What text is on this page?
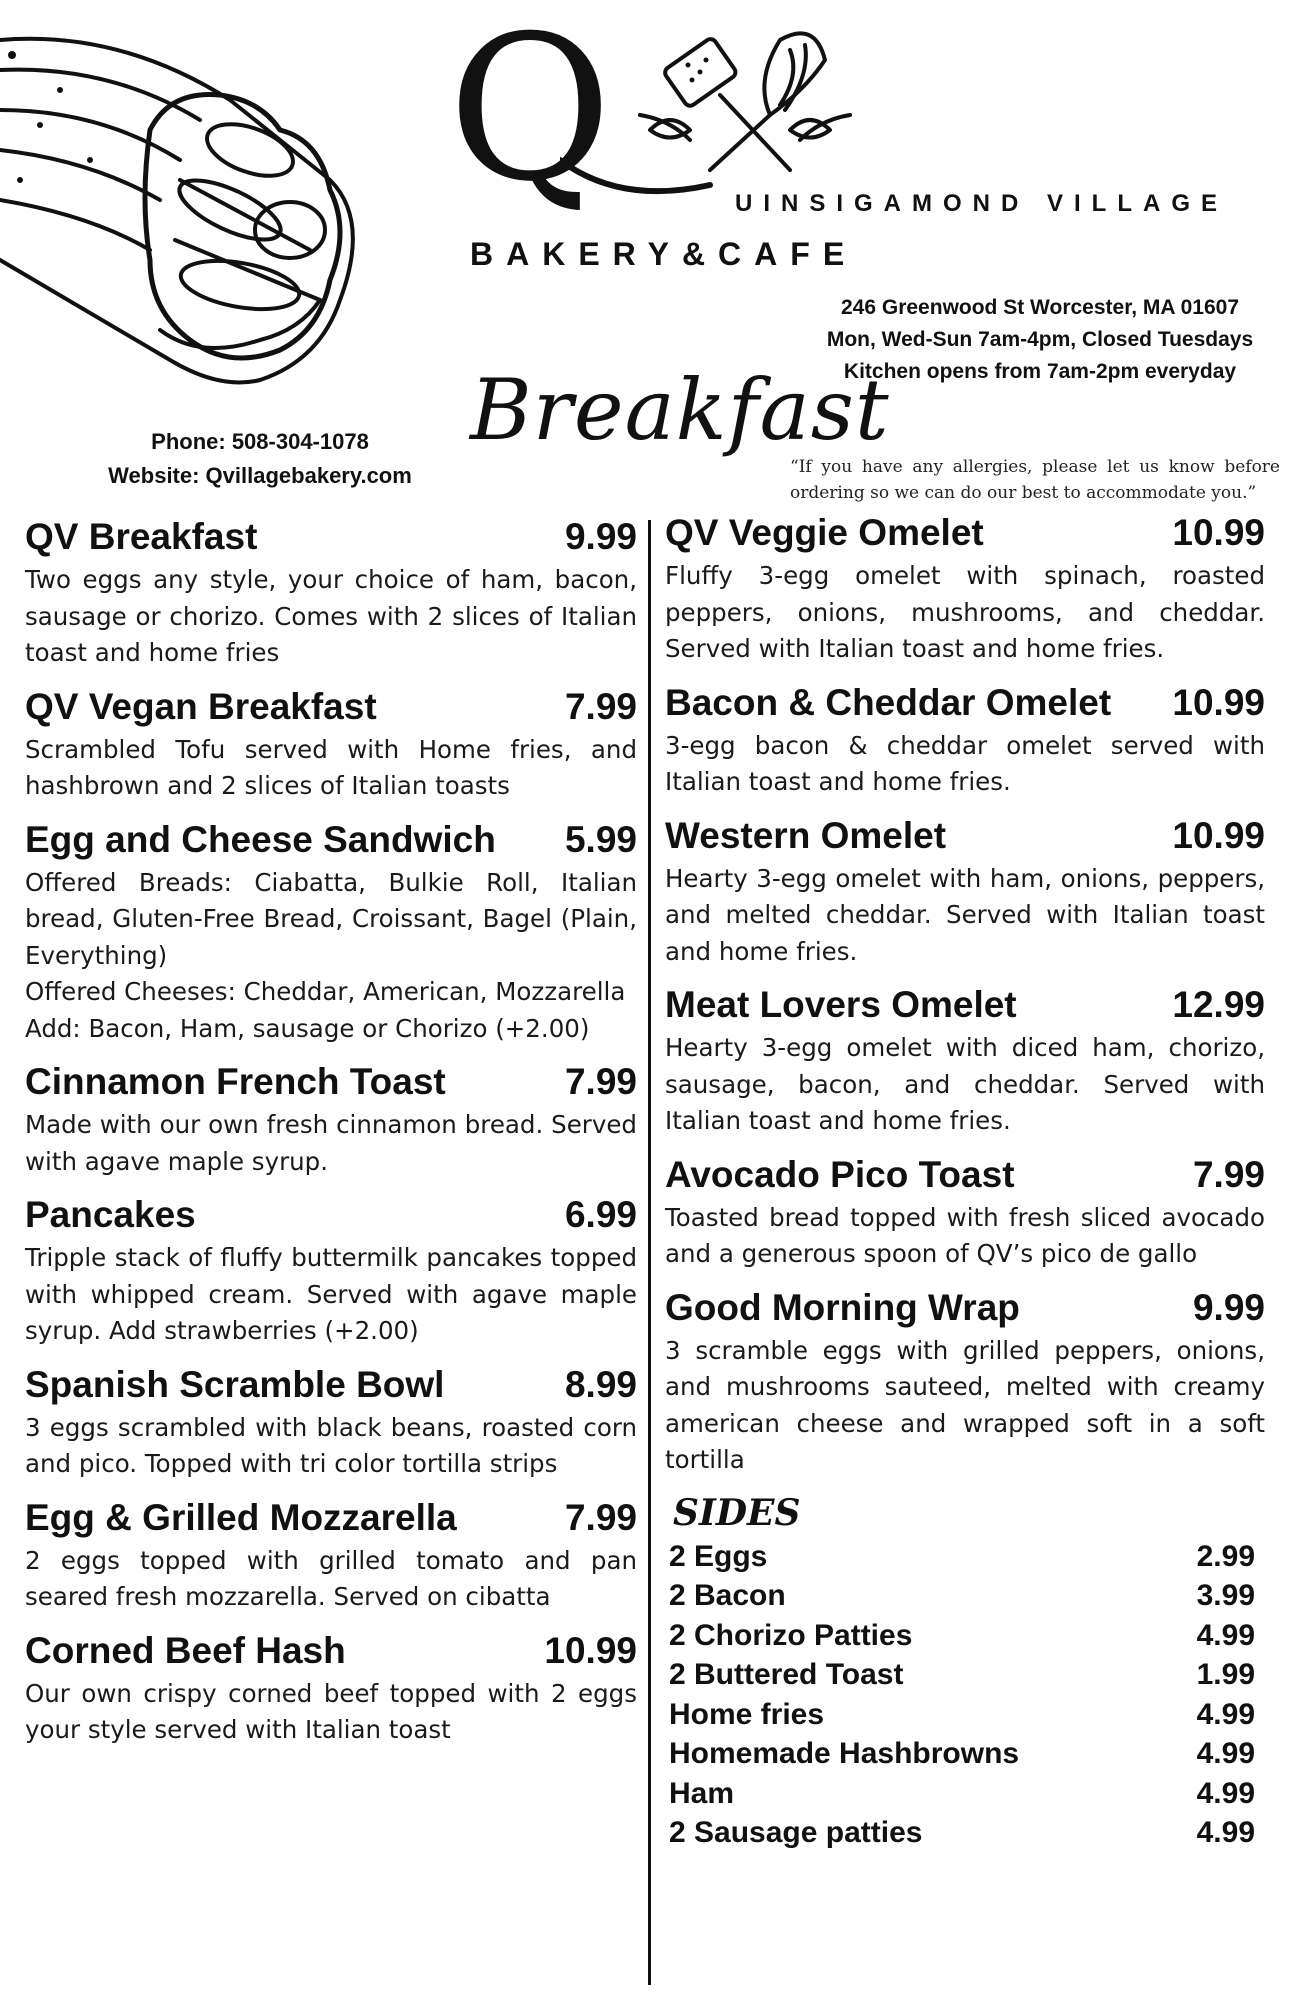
Q	UINSIGAMOND VILLAGE
BAKERY&CAFE
246 Greenwood St Worcester, MA 01607
Mon, Wed-Sun 7am-4pm, Closed Tuesdays
Kitchen opens from 7am-2pm everyday
Breakfast
Phone: 508-304-1078
Website: Qvillagebakery.com	“If you have any allergies, please let us know before
ordering so we can do our best to accommodate you.”
QV Breakfast	9.99
Two eggs any style, your choice of ham, bacon, sausage or chorizo. Comes with 2 slices of Italian toast and home fries
QV Vegan Breakfast	7.99
Scrambled Tofu served with Home fries, and hashbrown and 2 slices of Italian toasts
Egg and Cheese Sandwich 5.99
Offered Breads: Ciabatta, Bulkie Roll, Italian bread, Gluten-Free Bread, Croissant, Bagel (Plain, Everything)
Offered Cheeses: Cheddar, American, Mozzarella
Add: Bacon, Ham, sausage or Chorizo (+2.00)
Cinnamon French Toast	7.99
Made with our own fresh cinnamon bread. Served with agave maple syrup.
Pancakes	6.99
Tripple stack of fluffy buttermilk pancakes topped with whipped cream. Served with agave maple syrup. Add strawberries (+2.00)
Spanish Scramble Bowl	8.99
3 eggs scrambled with black beans, roasted corn and pico. Topped with tri color tortilla strips
Egg & Grilled Mozzarella	7.99
2 eggs topped with grilled tomato and pan seared fresh mozzarella. Served on cibatta
Corned Beef Hash	10.99
Our own crispy corned beef topped with 2 eggs your style served with Italian toast
QV Veggie Omelet	10.99
Fluffy 3-egg omelet with spinach, roasted peppers, onions, mushrooms, and cheddar. Served with Italian toast and home fries.
Bacon & Cheddar Omelet 10.99
3-egg bacon & cheddar omelet served with Italian toast and home fries.
Western Omelet	10.99
Hearty 3-egg omelet with ham, onions, peppers, and melted cheddar. Served with Italian toast and home fries.
Meat Lovers Omelet	12.99
Hearty 3-egg omelet with diced ham, chorizo, sausage, bacon, and cheddar. Served with Italian toast and home fries.
Avocado Pico Toast	7.99
Toasted bread topped with fresh sliced avocado and a generous spoon of QV’s pico de gallo
Good Morning Wrap	9.99
3 scramble eggs with grilled peppers, onions, and mushrooms sauteed, melted with creamy american cheese and wrapped soft in a soft tortilla
SIDES
2 Eggs	2.99
2 Bacon	3.99
2 Chorizo Patties	4.99
2 Buttered Toast	1.99
Home fries	4.99
Homemade Hashbrowns	4.99
Ham	4.99
2 Sausage patties	4.99
